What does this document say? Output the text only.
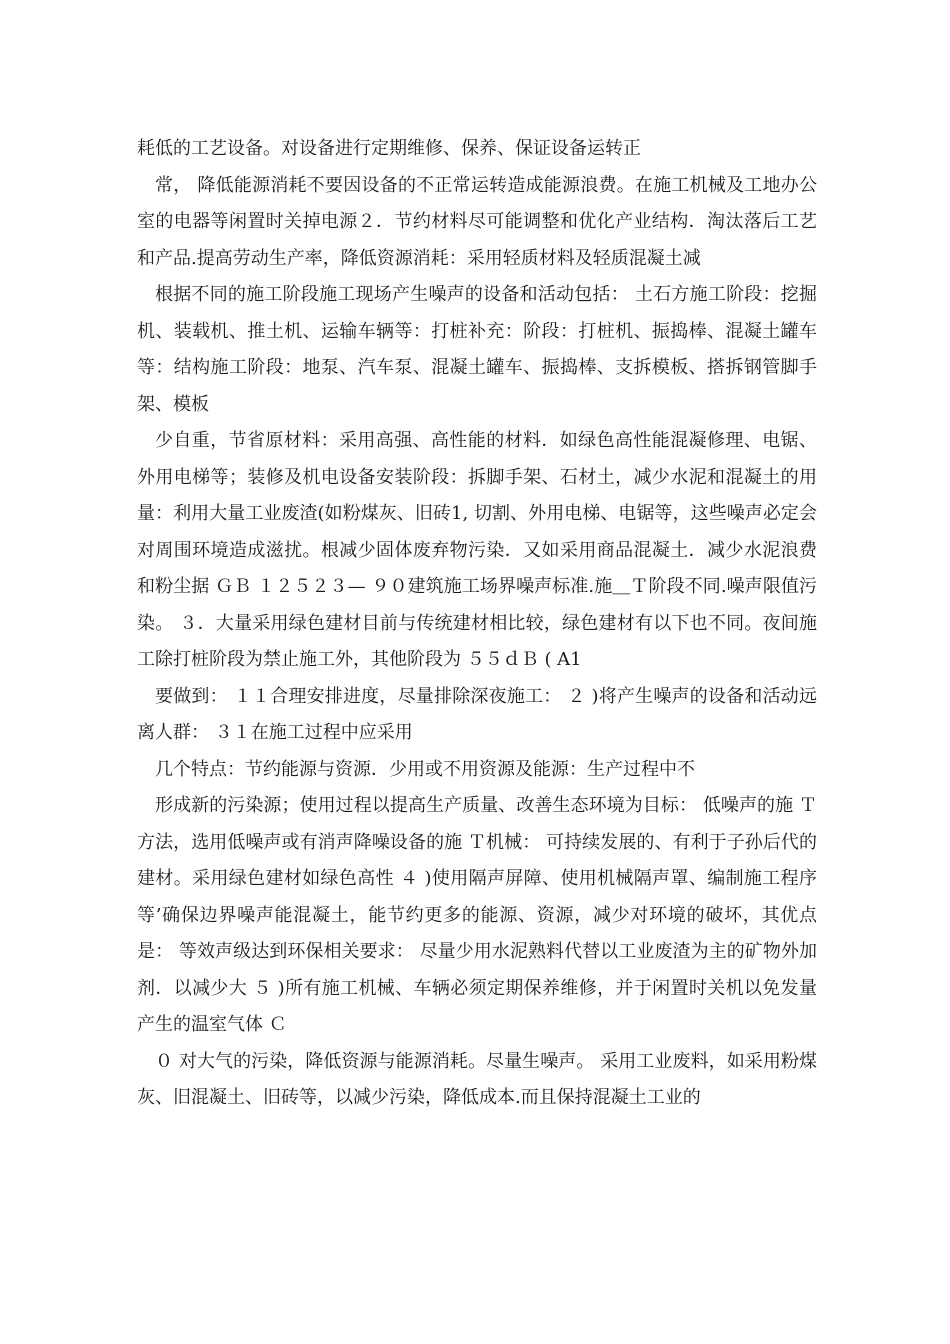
耗低的工艺设备。对设备进行定期维修、保养、保证设备运转正

常， 降低能源消耗不要因设备的不正常运转造成能源浪费。在施工机械及工地办公室的电器等闲置时关掉电源２．节约材料尽可能调整和优化产业结构．淘汰落后工艺和产品.提高劳动生产率，降低资源消耗：采用轻质材料及轻质混凝土减

根据不同的施工阶段施工现场产生噪声的设备和活动包括： 土石方施工阶段：挖掘机、装载机、推土机、运输车辆等：打桩补充：阶段：打桩机、振捣棒、混凝土罐车等：结构施工阶段：地泵、汽车泵、混凝土罐车、振捣棒、支拆模板、搭拆钢管脚手架、模板

少自重，节省原材料：采用高强、高性能的材料．如绿色高性能混凝修理、电锯、外用电梯等；装修及机电设备安装阶段：拆脚手架、石材土，减少水泥和混凝土的用量：利用大量工业废渣(如粉煤灰、旧砖1, 切割、外用电梯、电锯等，这些噪声必定会对周围环境造成滋扰。根减少固体废弃物污染．又如采用商品混凝土．减少水泥浪费和粉尘据 ＧＢ １２５２３— ９０建筑施工场界噪声标准.施＿Ｔ阶段不同.噪声限值污染。 ３．大量采用绿色建材目前与传统建材相比较，绿色建材有以下也不同。夜间施工除打桩阶段为禁止施工外，其他阶段为 ５５ｄＢ ( A1

要做到： １１合理安排进度，尽量排除深夜施工： ２ )将产生噪声的设备和活动远离人群： ３１在施工过程中应采用

几个特点：节约能源与资源．少用或不用资源及能源：生产过程中不

形成新的污染源；使用过程以提高生产质量、改善生态环境为目标： 低噪声的施 Ｔ方法，选用低噪声或有消声降噪设备的施 Ｔ机械： 可持续发展的、有利于子孙后代的建材。采用绿色建材如绿色高性 ４ )使用隔声屏障、使用机械隔声罩、编制施工程序等’确保边界噪声能混凝土，能节约更多的能源、资源，减少对环境的破坏，其优点是： 等效声级达到环保相关要求： 尽量少用水泥熟料代替以工业废渣为主的矿物外加剂．以减少大 ５ )所有施工机械、车辆必须定期保养维修，并于闲置时关机以免发量产生的温室气体 Ｃ

０ 对大气的污染，降低资源与能源消耗。尽量生噪声。 采用工业废料，如采用粉煤灰、旧混凝土、旧砖等，以减少污染，降低成本.而且保持混凝土工业的
